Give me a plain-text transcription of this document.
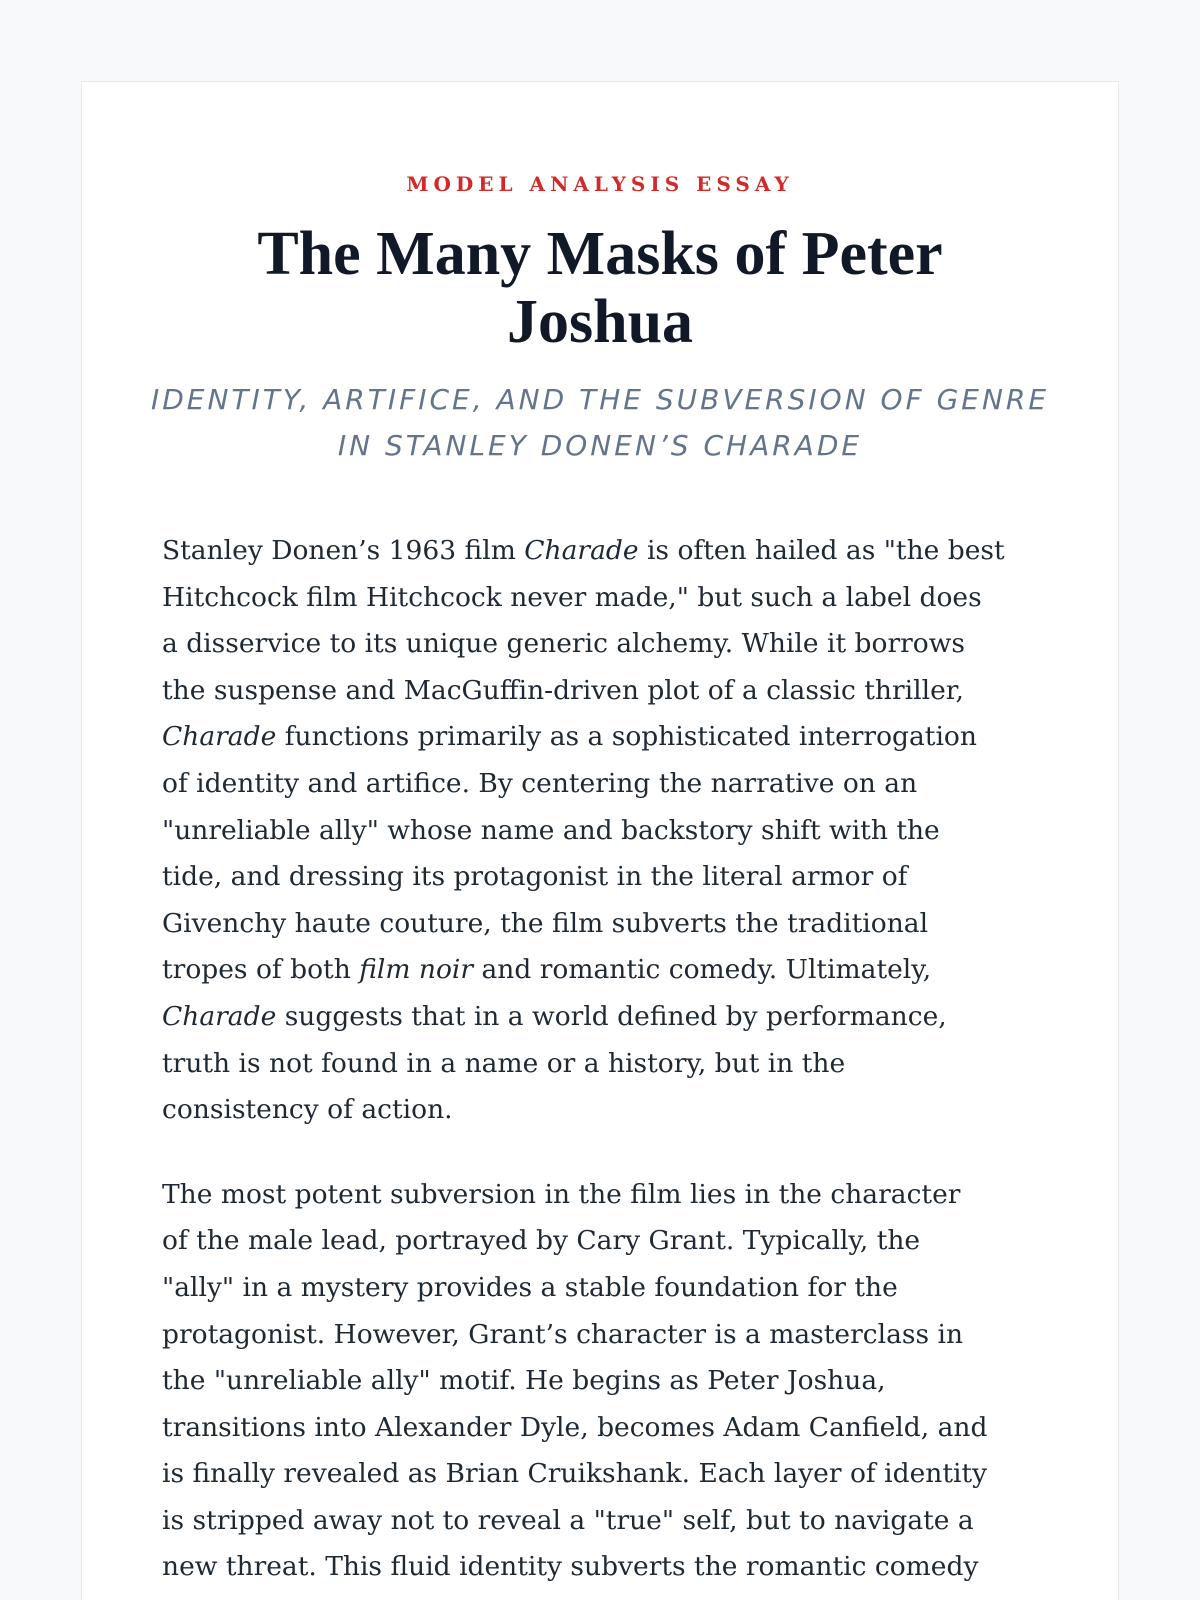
MODEL ANALYSIS ESSAY
The Many Masks of Peter Joshua
IDENTITY, ARTIFICE, AND THE SUBVERSION OF GENRE IN STANLEY DONEN’S CHARADE

Stanley Donen’s 1963 film Charade is often hailed as "the best
Hitchcock film Hitchcock never made," but such a label does
a disservice to its unique generic alchemy. While it borrows
the suspense and MacGuffin-driven plot of a classic thriller,
Charade functions primarily as a sophisticated interrogation
of identity and artifice. By centering the narrative on an
"unreliable ally" whose name and backstory shift with the
tide, and dressing its protagonist in the literal armor of
Givenchy haute couture, the film subverts the traditional
tropes of both film noir and romantic comedy. Ultimately,
Charade suggests that in a world defined by performance,
truth is not found in a name or a history, but in the
consistency of action.

The most potent subversion in the film lies in the character
of the male lead, portrayed by Cary Grant. Typically, the
"ally" in a mystery provides a stable foundation for the
protagonist. However, Grant’s character is a masterclass in
the "unreliable ally" motif. He begins as Peter Joshua,
transitions into Alexander Dyle, becomes Adam Canfield, and
is finally revealed as Brian Cruikshank. Each layer of identity
is stripped away not to reveal a "true" self, but to navigate a
new threat. This fluid identity subverts the romantic comedy
